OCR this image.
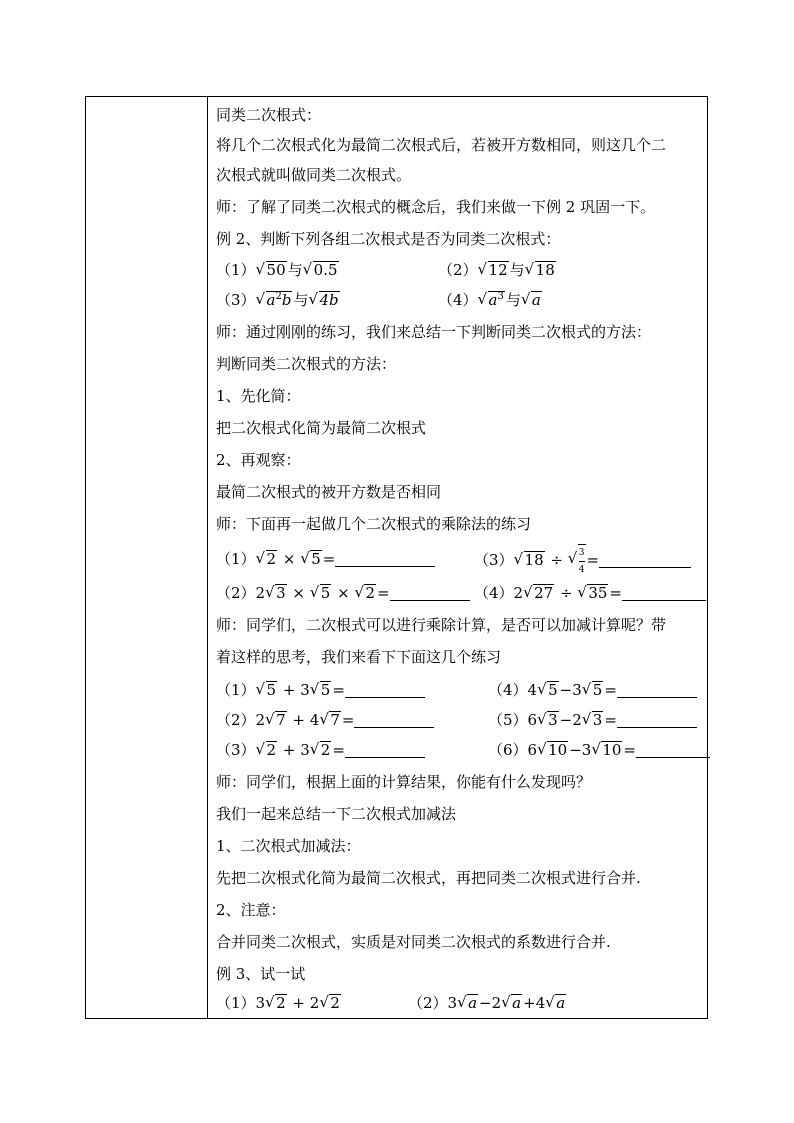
同类二次根式：
将几个二次根式化为最简二次根式后，若被开方数相同，则这几个二
次根式就叫做同类二次根式。
师：了解了同类二次根式的概念后，我们来做一下例 2 巩固一下。
例 2、判断下列各组二次根式是否为同类二次根式：
（1） √ 50 与 √ 0.5	（2） √ 12 与 √ 18
（3） √ $a^2b$ 与 √ 4b	（4） √ $a^3$ 与 √ a
师：通过刚刚的练习，我们来总结一下判断同类二次根式的方法：
判断同类二次根式的方法：
1、先化简：
把二次根式化简为最简二次根式
2、再观察：
最简二次根式的被开方数是否相同
师：下面再一起做几个二次根式的乘除法的练习
（1） √ 2 × √ 5 =	（3） √ 18 ÷ √ $\frac{3}{4}$ =
（2）2 √ 3 × √ 5 × √ 2 =	（4）2 √ 27 ÷ √ 35 =
师：同学们，二次根式可以进行乘除计算，是否可以加减计算呢？带
着这样的思考，我们来看下下面这几个练习
（1） √ 5 + 3 √ 5 =	（4）4 √ 5 −3 √ 5 =
（2）2 √ 7 + 4 √ 7 =	（5）6 √ 3 −2 √ 3 =
（3） √ 2 + 3 √ 2 =	（6）6 √ 10 −3 √ 10 =
师：同学们，根据上面的计算结果，你能有什么发现吗？
我们一起来总结一下二次根式加减法
1、二次根式加减法：
先把二次根式化简为最简二次根式，再把同类二次根式进行合并.
2、注意：
合并同类二次根式，实质是对同类二次根式的系数进行合并.
例 3、试一试
（1）3 √ 2 + 2 √ 2	（2）3 √ a −2 √ a +4 √ a
